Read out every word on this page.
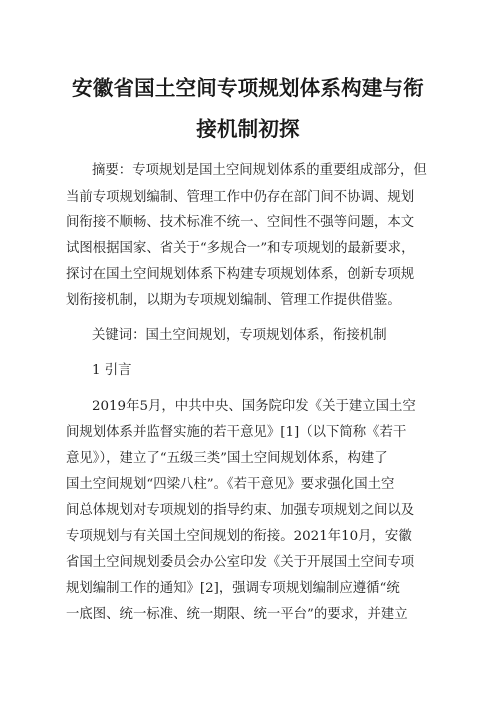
安徽省国土空间专项规划体系构建与衔
接机制初探
摘要：专项规划是国土空间规划体系的重要组成部分，但
当前专项规划编制、管理工作中仍存在部门间不协调、规划
间衔接不顺畅、技术标准不统一、空间性不强等问题，本文
试图根据国家、省关于“多规合一”和专项规划的最新要求，
探讨在国土空间规划体系下构建专项规划体系，创新专项规
划衔接机制，以期为专项规划编制、管理工作提供借鉴。
关键词：国土空间规划，专项规划体系，衔接机制
1 引言
2019年5月，中共中央、国务院印发《关于建立国土空
间规划体系并监督实施的若干意见》[1]（以下简称《若干
意见》），建立了“五级三类”国土空间规划体系，构建了
国土空间规划“四梁八柱”。《若干意见》要求强化国土空
间总体规划对专项规划的指导约束、加强专项规划之间以及
专项规划与有关国土空间规划的衔接。2021年10月，安徽
省国土空间规划委员会办公室印发《关于开展国土空间专项
规划编制工作的通知》[2]，强调专项规划编制应遵循“统
一底图、统一标准、统一期限、统一平台”的要求，并建立
